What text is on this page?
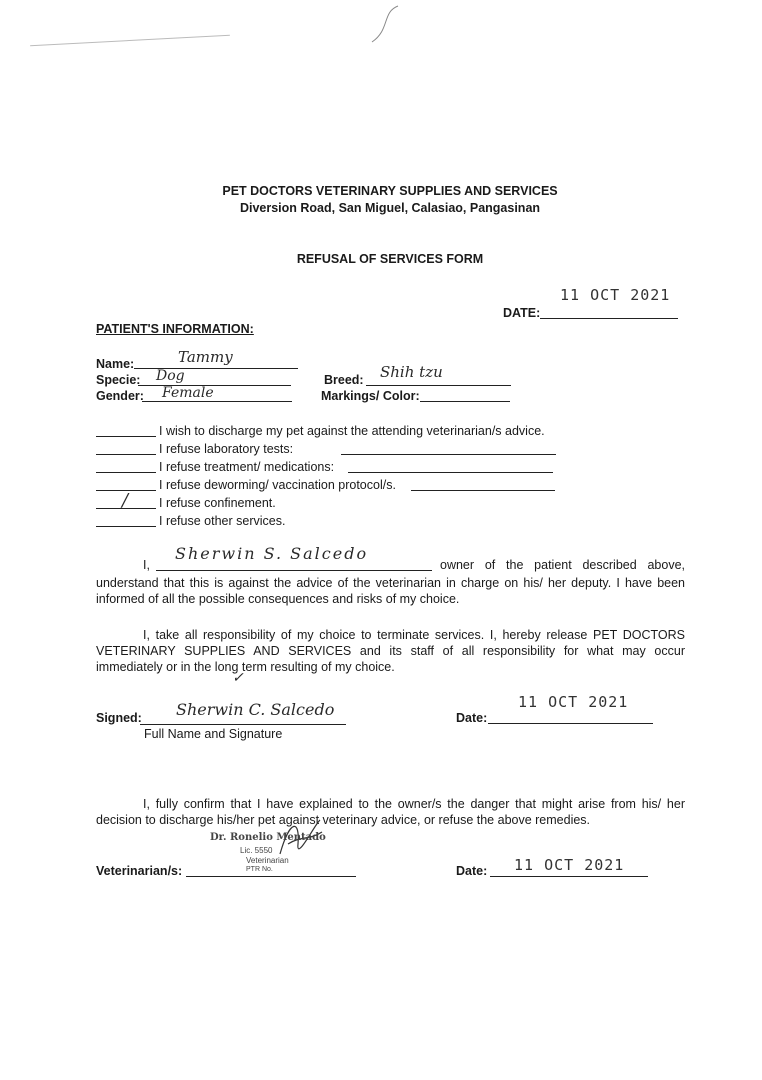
PET DOCTORS VETERINARY SUPPLIES AND SERVICES
Diversion Road, San Miguel, Calasiao, Pangasinan
REFUSAL OF SERVICES FORM
11 OCT 2021
DATE:
PATIENT'S INFORMATION:
Name:	Tammy
Specie: Dog
Gender: Female
Breed: Shih tzu
Markings/ Color:
I wish to discharge my pet against the attending veterinarian/s advice.
I refuse laboratory tests:
I refuse treatment/ medications:
I refuse deworming/ vaccination protocol/s.
/ I refuse confinement.
I refuse other services.
I,
Sherwin S. Salcedo
owner of the patient described above,
understand that this is against the advice of the veterinarian in charge on his/ her deputy. I have been informed of all the possible consequences and risks of my choice.
I, take all responsibility of my choice to terminate services. I, hereby release PET DOCTORS VETERINARY SUPPLIES AND SERVICES and its staff of all responsibility for what may occur immediately or in the long term resulting of my choice.
✓
Signed: Sherwin C. Salcedo
Full Name and Signature
11 OCT 2021
Date:
I, fully confirm that I have explained to the owner/s the danger that might arise from his/ her decision to discharge his/her pet against veterinary advice, or refuse the above remedies.
Dr. Ronelio Mentado
Lic. 5550
Veterinarian
PTR No.
Veterinarian/s:	11 OCT 2021
Date:
